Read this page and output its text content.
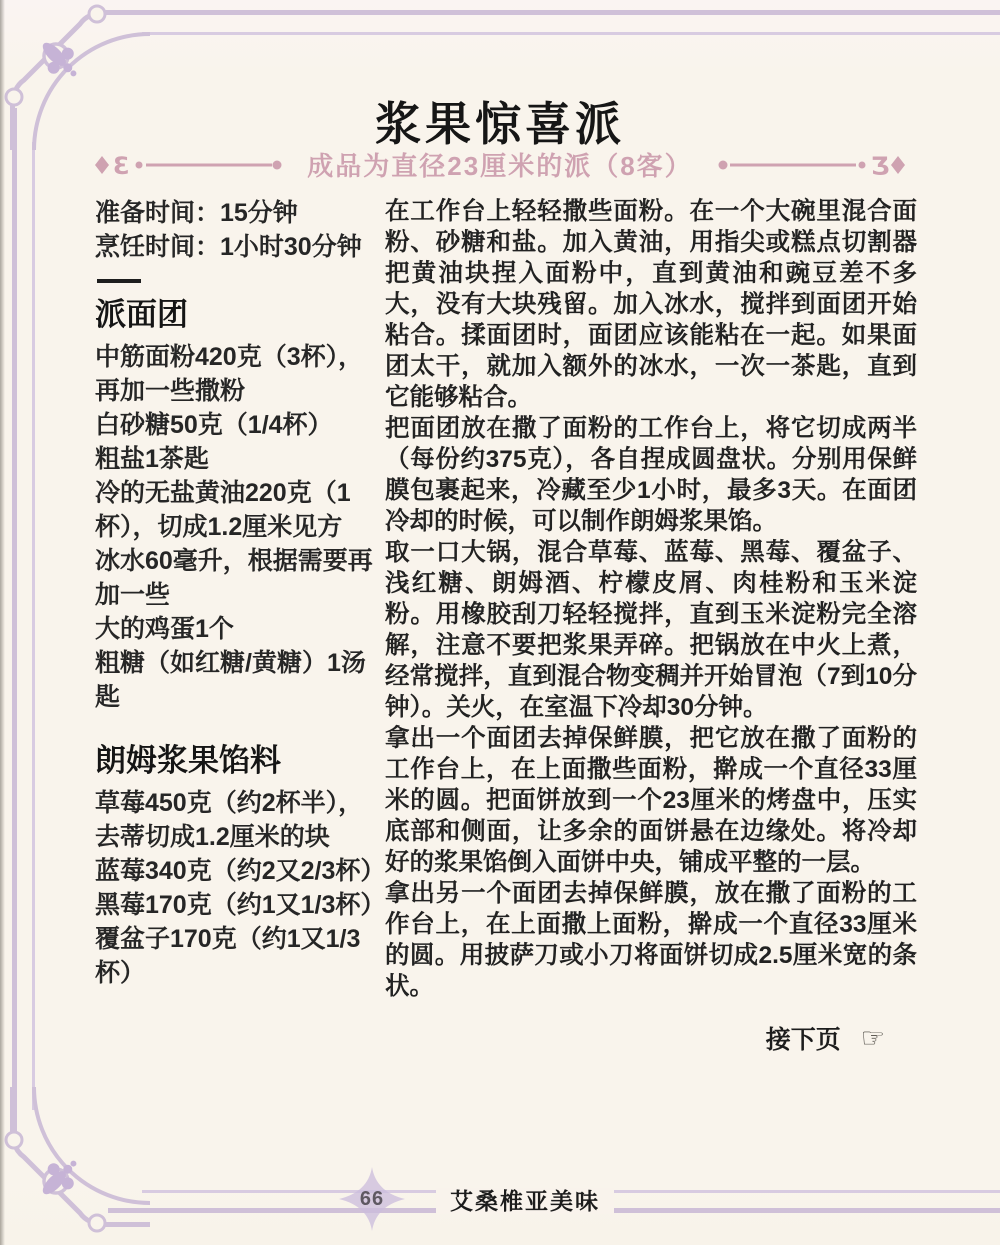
浆果惊喜派
Ɛ	成品为直径23厘米的派（8客）	Ʒ
准备时间：15分钟
烹饪时间：1小时30分钟
派面团
中筋面粉420克（3杯），再加一些撒粉
白砂糖50克（1/4杯）
粗盐1茶匙
冷的无盐黄油220克（1杯），切成1.2厘米见方
冰水60毫升，根据需要再加一些
大的鸡蛋1个
粗糖（如红糖/黄糖）1汤匙
朗姆浆果馅料
草莓450克（约2杯半），去蒂切成1.2厘米的块
蓝莓340克（约2又2/3杯）
黑莓170克（约1又1/3杯）
覆盆子170克（约1又1/3杯）

在工作台上轻轻撒些面粉。在一个大碗里混合面粉、砂糖和盐。加入黄油，用指尖或糕点切割器把黄油块捏入面粉中，直到黄油和豌豆差不多大，没有大块残留。加入冰水，搅拌到面团开始粘合。揉面团时，面团应该能粘在一起。如果面团太干，就加入额外的冰水，一次一茶匙，直到它能够粘合。

把面团放在撒了面粉的工作台上，将它切成两半（每份约375克），各自捏成圆盘状。分别用保鲜膜包裹起来，冷藏至少1小时，最多3天。在面团冷却的时候，可以制作朗姆浆果馅。

取一口大锅，混合草莓、蓝莓、黑莓、覆盆子、浅红糖、朗姆酒、柠檬皮屑、肉桂粉和玉米淀粉。用橡胶刮刀轻轻搅拌，直到玉米淀粉完全溶解，注意不要把浆果弄碎。把锅放在中火上煮，经常搅拌，直到混合物变稠并开始冒泡（7到10分钟）。关火，在室温下冷却30分钟。

拿出一个面团去掉保鲜膜，把它放在撒了面粉的工作台上，在上面撒些面粉，擀成一个直径33厘米的圆。把面饼放到一个23厘米的烤盘中，压实底部和侧面，让多余的面饼悬在边缘处。将冷却好的浆果馅倒入面饼中央，铺成平整的一层。

拿出另一个面团去掉保鲜膜，放在撒了面粉的工作台上，在上面撒上面粉，擀成一个直径33厘米的圆。用披萨刀或小刀将面饼切成2.5厘米宽的条状。

接下页 ☞
66	艾桑椎亚美味
